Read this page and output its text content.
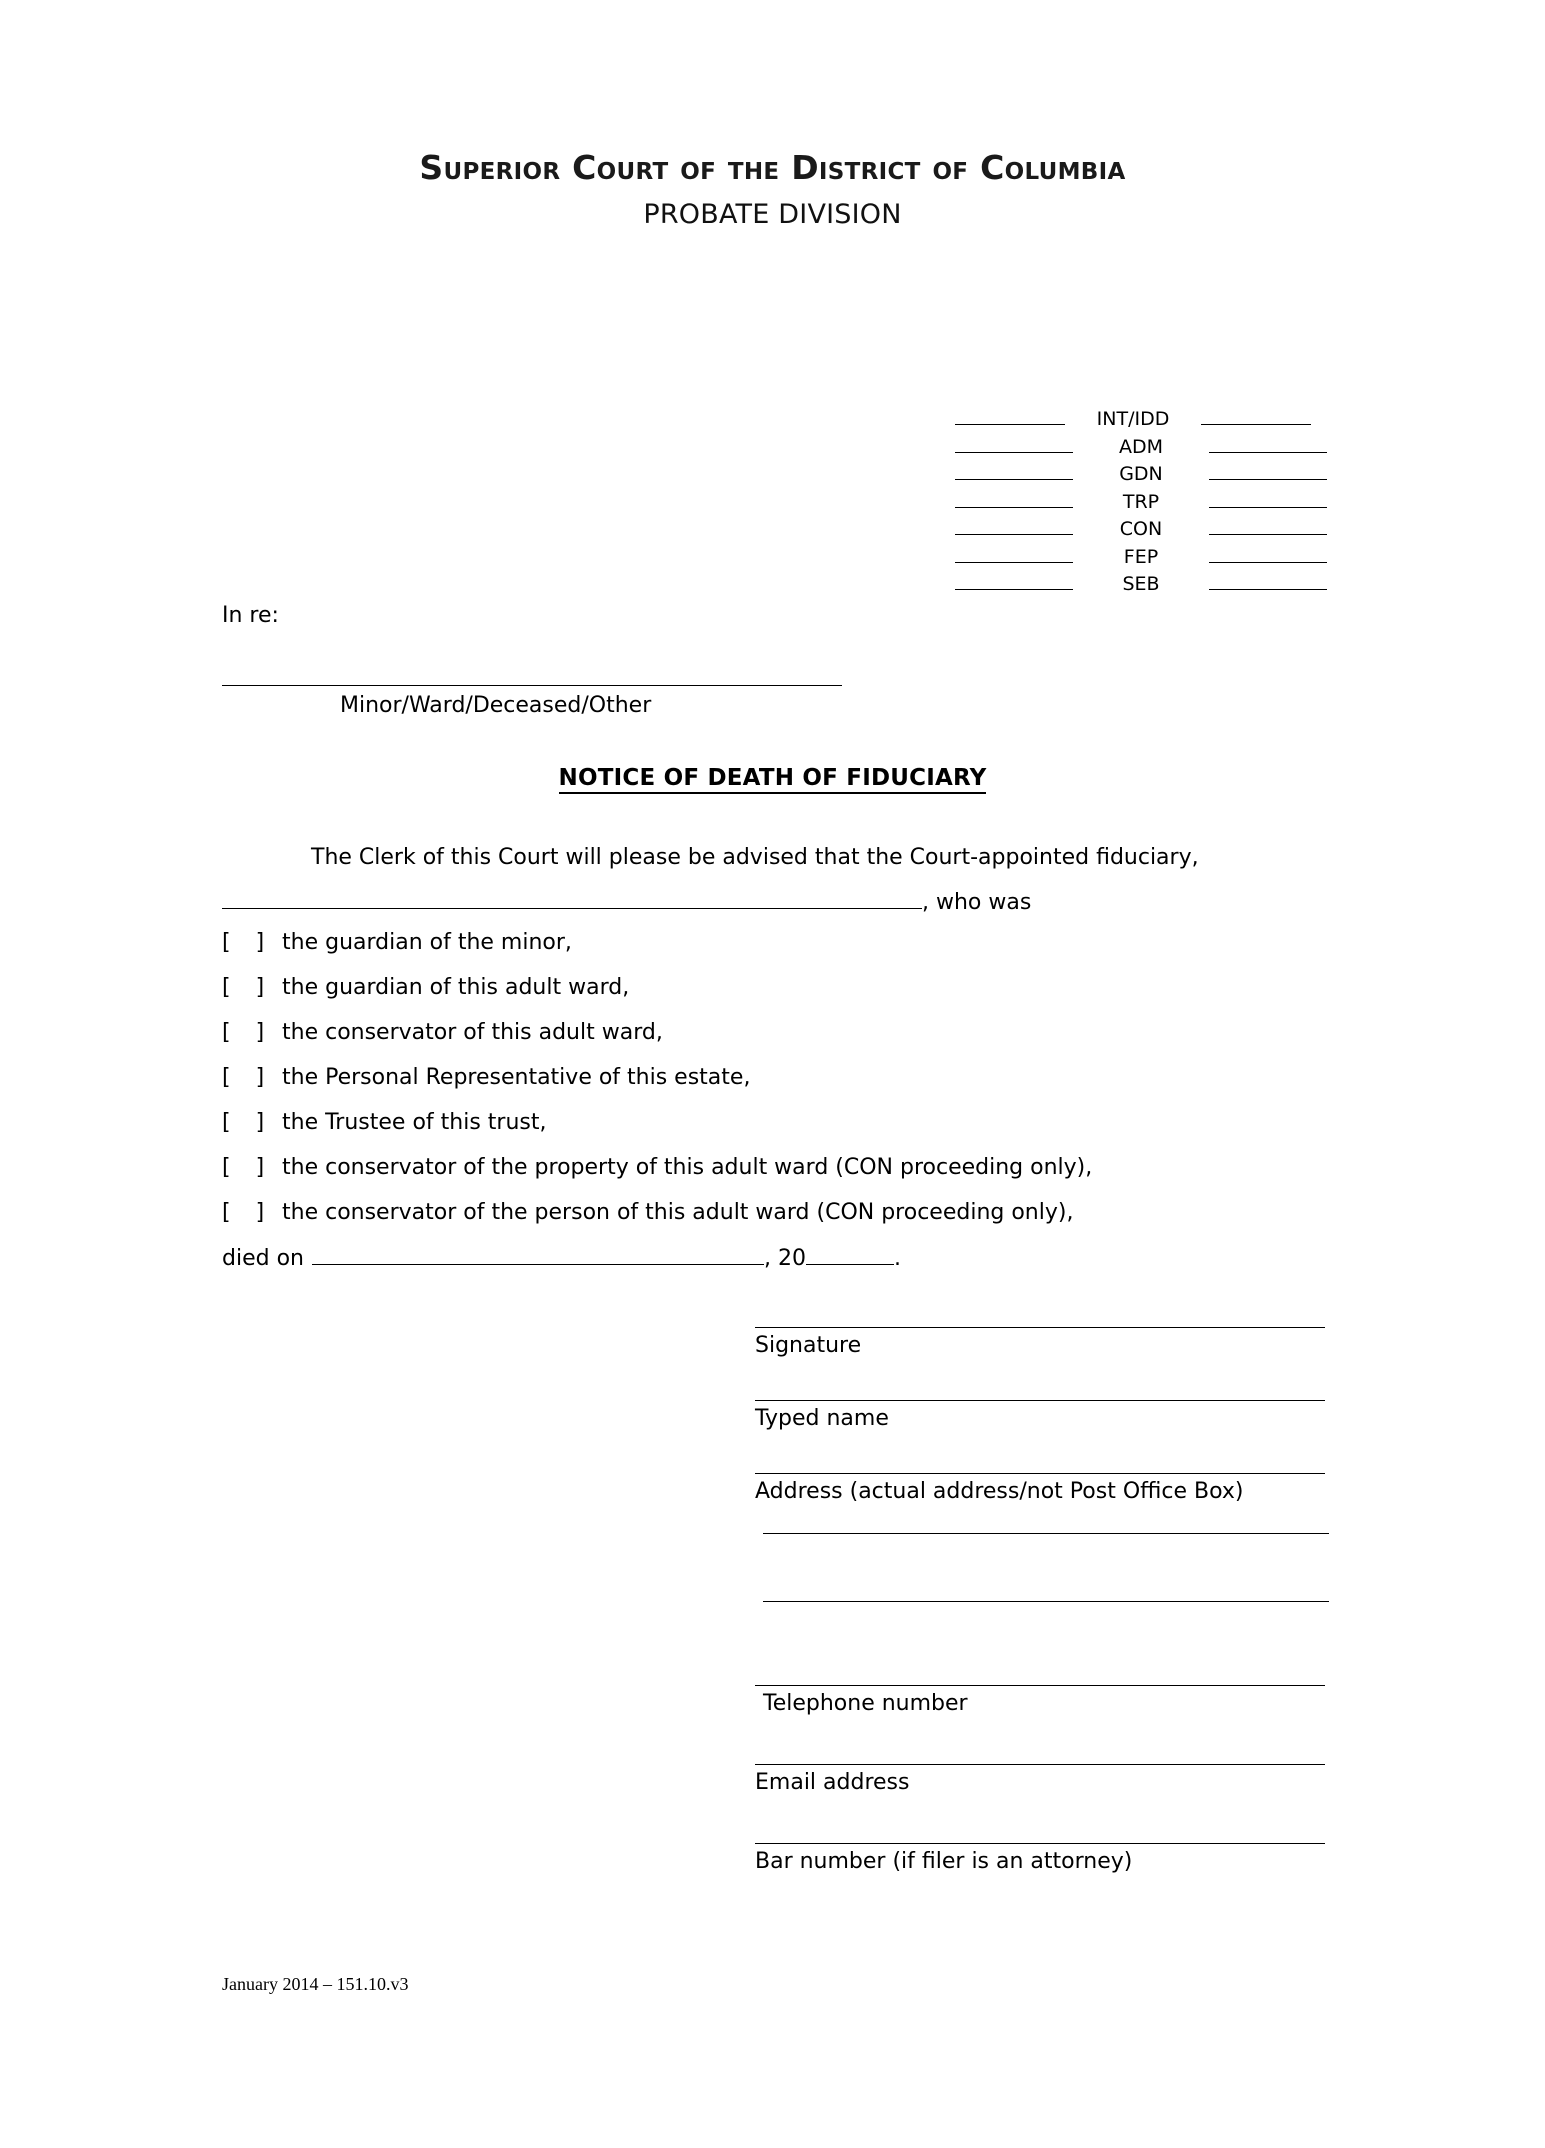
Superior Court of the District of Columbia
PROBATE DIVISION
INT/IDD
ADM
GDN
TRP
CON
FEP
SEB
In re:
Minor/Ward/Deceased/Other
NOTICE OF DEATH OF FIDUCIARY
The Clerk of this Court will please be advised that the Court-appointed fiduciary,
, who was
[   ] the guardian of the minor,
[   ] the guardian of this adult ward,
[   ] the conservator of this adult ward,
[   ] the Personal Representative of this estate,
[   ] the Trustee of this trust,
[   ] the conservator of the property of this adult ward (CON proceeding only),
[   ] the conservator of the person of this adult ward (CON proceeding only),
died on	, 20	.
Signature
Typed name
Address (actual address/not Post Office Box)
Telephone number
Email address
Bar number (if filer is an attorney)
January 2014 – 151.10.v3
